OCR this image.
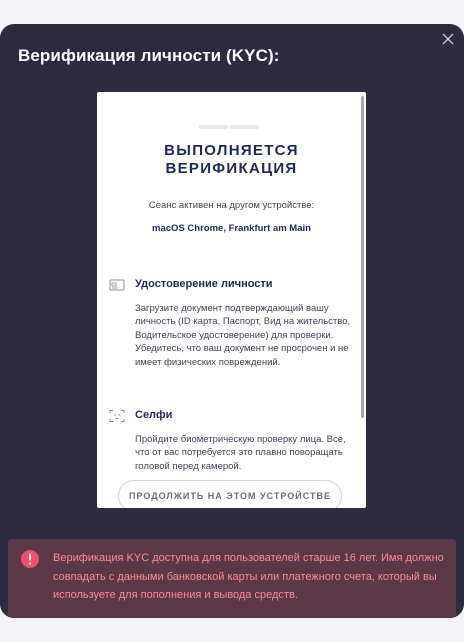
Верификация личности (KYC):
ВЫПОЛНЯЕТСЯ
ВЕРИФИКАЦИЯ
Сеанс активен на другом устройстве:
macOS Chrome, Frankfurt am Main
Удостоверение личности
Загрузите документ подтверждающий вашу личность (ID карта, Паспорт, Вид на жительство, Водительское удостоверение) для проверки. Убедитесь, что ваш документ не просрочен и не имеет физических повреждений.
Селфи
Пройдите биометрическую проверку лица. Все, что от вас потребуется это плавно поворащать головой перед камерой.
ПРОДОЛЖИТЬ НА ЭТОМ УСТРОЙСТВЕ
Верификация KYC доступна для пользователей старше 16 лет. Имя должно совпадать с данными банковской карты или платежного счета, который вы используете для пополнения и вывода средств.
